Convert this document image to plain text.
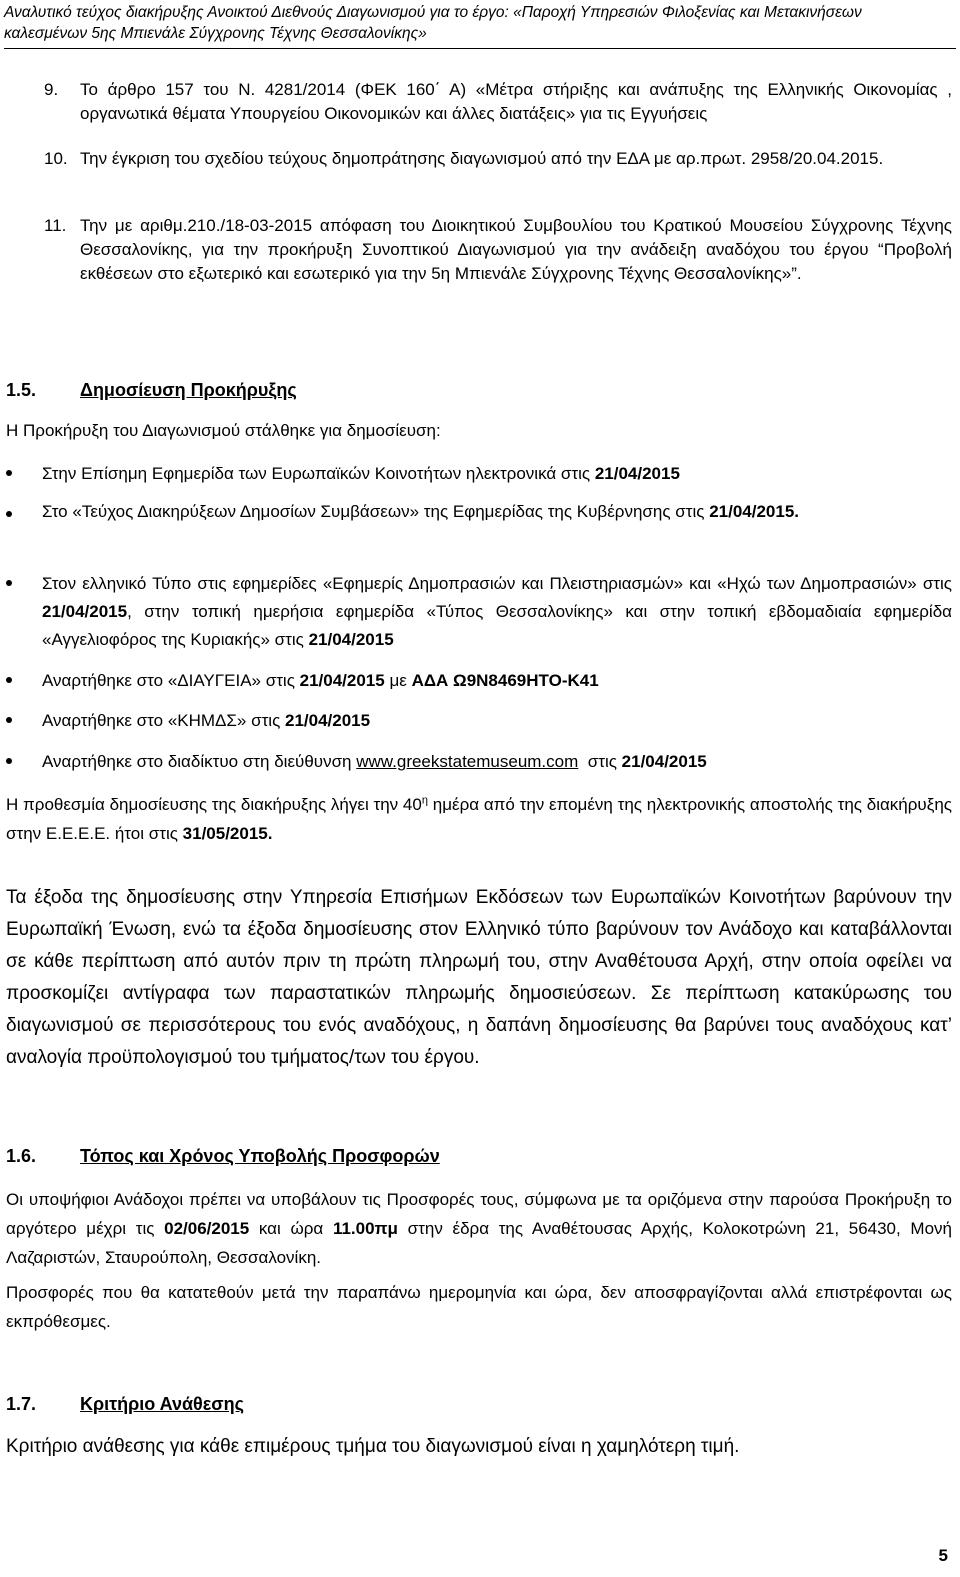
Αναλυτικό τεύχος διακήρυξης Ανοικτού Διεθνούς Διαγωνισμού για το έργο: «Παροχή Υπηρεσιών Φιλοξενίας και Μετακινήσεων
καλεσμένων 5ης Μπιενάλε Σύγχρονης Τέχνης Θεσσαλονίκης»
9. Το άρθρο 157 του Ν. 4281/2014 (ΦΕΚ 160΄ Α) «Μέτρα στήριξης και ανάπυξης της Ελληνικής Οικονομίας , οργανωτικά θέματα Υπουργείου Οικονομικών και άλλες διατάξεις» για τις Εγγυήσεις
10. Την έγκριση του σχεδίου τεύχους δημοπράτησης διαγωνισμού από την ΕΔΑ με αρ.πρωτ. 2958/20.04.2015.
11. Την με αριθμ.210./18-03-2015 απόφαση του Διοικητικού Συμβουλίου του Κρατικού Μουσείου Σύγχρονης Τέχνης Θεσσαλονίκης, για την προκήρυξη Συνοπτικού Διαγωνισμού για την ανάδειξη αναδόχου του έργου “Προβολή εκθέσεων στο εξωτερικό και εσωτερικό για την 5η Μπιενάλε Σύγχρονης Τέχνης Θεσσαλονίκης»”.
1.5. Δημοσίευση Προκήρυξης
Η Προκήρυξη του Διαγωνισμού στάλθηκε για δημοσίευση:
Στην Επίσημη Εφημερίδα των Ευρωπαϊκών Κοινοτήτων ηλεκτρονικά στις 21/04/2015
Στο «Τεύχος Διακηρύξεων Δημοσίων Συμβάσεων» της Εφημερίδας της Κυβέρνησης στις 21/04/2015.
Στον ελληνικό Τύπο στις εφημερίδες «Εφημερίς Δημοπρασιών και Πλειστηριασμών» και «Ηχώ των Δημοπρασιών» στις 21/04/2015, στην τοπική ημερήσια εφημερίδα «Τύπος Θεσσαλονίκης» και στην τοπική εβδομαδιαία εφημερίδα «Αγγελιοφόρος της Κυριακής» στις 21/04/2015
Αναρτήθηκε στο «ΔΙΑΥΓΕΙΑ» στις 21/04/2015 με ΑΔΑ Ω9Ν8469ΗΤΟ-Κ41
Αναρτήθηκε στο «ΚΗΜΔΣ» στις 21/04/2015
Αναρτήθηκε στο διαδίκτυο στη διεύθυνση www.greekstatemuseum.com στις 21/04/2015
Η προθεσμία δημοσίευσης της διακήρυξης λήγει την $40^\eta$ ημέρα από την επομένη της ηλεκτρονικής αποστολής της διακήρυξης στην Ε.Ε.Ε.Ε. ήτοι στις 31/05/2015.
Τα έξοδα της δημοσίευσης στην Υπηρεσία Επισήμων Εκδόσεων των Ευρωπαϊκών Κοινοτήτων βαρύνουν την Ευρωπαϊκή Ένωση, ενώ τα έξοδα δημοσίευσης στον Ελληνικό τύπο βαρύνουν τον Ανάδοχο και καταβάλλονται σε κάθε περίπτωση από αυτόν πριν τη πρώτη πληρωμή του, στην Αναθέτουσα Αρχή, στην οποία οφείλει να προσκομίζει αντίγραφα των παραστατικών πληρωμής δημοσιεύσεων. Σε περίπτωση κατακύρωσης του διαγωνισμού σε περισσότερους του ενός αναδόχους, η δαπάνη δημοσίευσης θα βαρύνει τους αναδόχους κατ’ αναλογία προϋπολογισμού του τμήματος/των του έργου.
1.6. Τόπος και Χρόνος Υποβολής Προσφορών
Οι υποψήφιοι Ανάδοχοι πρέπει να υποβάλουν τις Προσφορές τους, σύμφωνα με τα οριζόμενα στην παρούσα Προκήρυξη το αργότερο μέχρι τις 02/06/2015 και ώρα 11.00πμ στην έδρα της Αναθέτουσας Αρχής, Κολοκοτρώνη 21, 56430, Μονή Λαζαριστών, Σταυρούπολη, Θεσσαλονίκη.
Προσφορές που θα κατατεθούν μετά την παραπάνω ημερομηνία και ώρα, δεν αποσφραγίζονται αλλά επιστρέφονται ως εκπρόθεσμες.
1.7. Κριτήριο Ανάθεσης
Κριτήριο ανάθεσης για κάθε επιμέρους τμήμα του διαγωνισμού είναι η χαμηλότερη τιμή.
5
